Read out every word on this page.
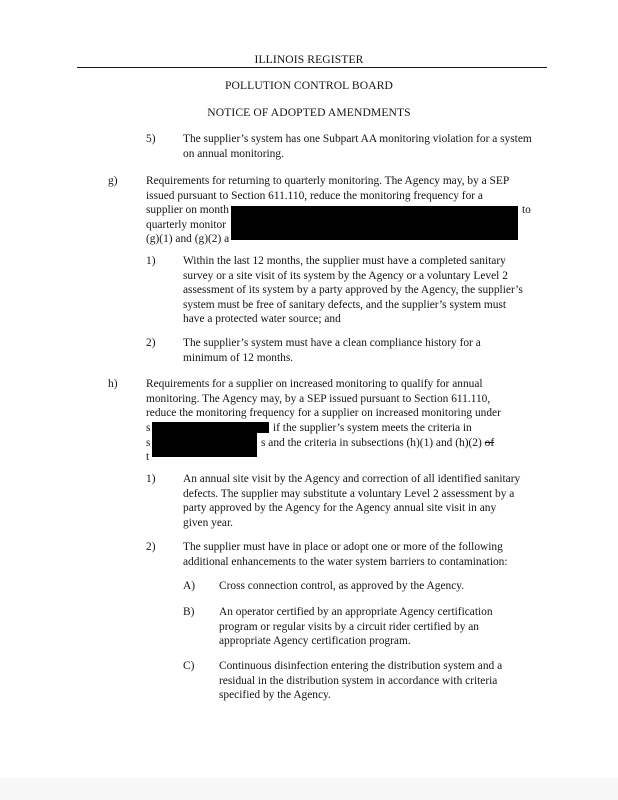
ILLINOIS REGISTER
POLLUTION CONTROL BOARD
NOTICE OF ADOPTED AMENDMENTS
5) The supplier’s system has one Subpart AA monitoring violation for a system on annual monitoring.
g)	Requirements for returning to quarterly monitoring. The Agency may, by a SEP
issued pursuant to Section 611.110, reduce the monitoring frequency for a
supplier on month
quarterly monitor
(g)(1) and (g)(2) a
to
1) Within the last 12 months, the supplier must have a completed sanitary
survey or a site visit of its system by the Agency or a voluntary Level 2
assessment of its system by a party approved by the Agency, the supplier’s
system must be free of sanitary defects, and the supplier’s system must
have a protected water source; and
2) The supplier’s system must have a clean compliance history for a
minimum of 12 months.
h)	Requirements for a supplier on increased monitoring to qualify for annual
monitoring. The Agency may, by a SEP issued pursuant to Section 611.110,
reduce the monitoring frequency for a supplier on increased monitoring under
s	if the supplier’s system meets the criteria in
s	s and the criteria in subsections (h)(1) and (h)(2) of
t
1) An annual site visit by the Agency and correction of all identified sanitary
defects. The supplier may substitute a voluntary Level 2 assessment by a
party approved by the Agency for the Agency annual site visit in any
given year.
2) The supplier must have in place or adopt one or more of the following
additional enhancements to the water system barriers to contamination:
A) Cross connection control, as approved by the Agency.
B) An operator certified by an appropriate Agency certification
program or regular visits by a circuit rider certified by an
appropriate Agency certification program.
C) Continuous disinfection entering the distribution system and a
residual in the distribution system in accordance with criteria
specified by the Agency.
